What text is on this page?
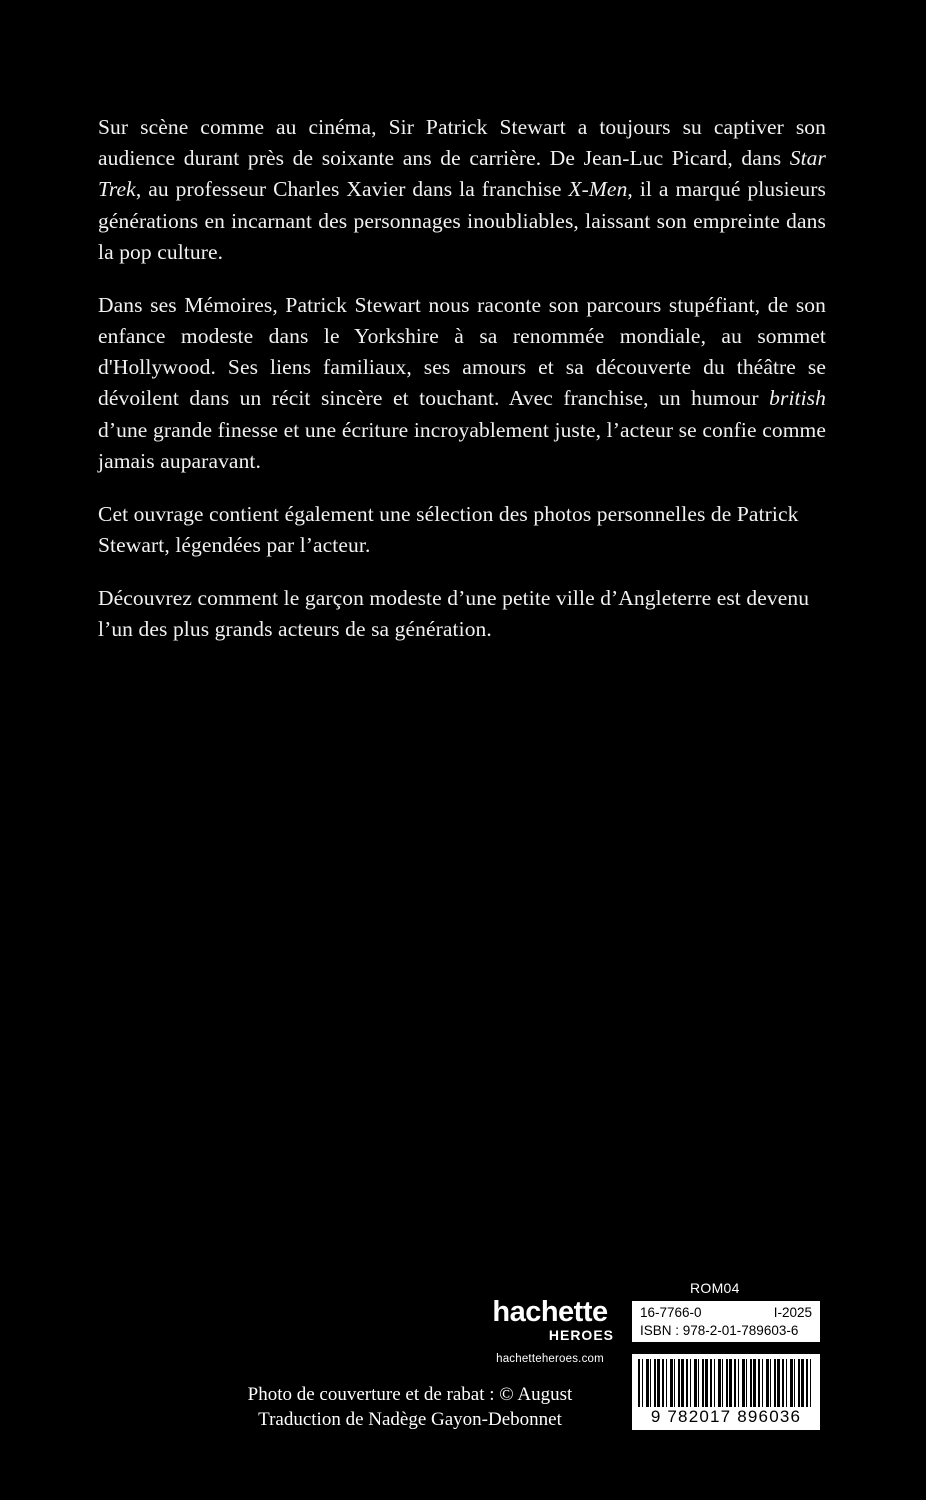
Sur scène comme au cinéma, Sir Patrick Stewart a toujours su captiver son audience durant près de soixante ans de carrière. De Jean-Luc Picard, dans Star Trek, au professeur Charles Xavier dans la franchise X-Men, il a marqué plusieurs générations en incarnant des personnages inoubliables, laissant son empreinte dans la pop culture.

Dans ses Mémoires, Patrick Stewart nous raconte son parcours stupéfiant, de son enfance modeste dans le Yorkshire à sa renommée mondiale, au sommet d'Hollywood. Ses liens familiaux, ses amours et sa découverte du théâtre se dévoilent dans un récit sincère et touchant. Avec franchise, un humour british d’une grande finesse et une écriture incroyablement juste, l’acteur se confie comme jamais auparavant.

Cet ouvrage contient également une sélection des photos personnelles de Patrick Stewart, légendées par l’acteur.

Découvrez comment le garçon modeste d’une petite ville d’Angleterre est devenu l’un des plus grands acteurs de sa génération.

hachette
HEROES
hachetteheroes.com
Photo de couverture et de rabat : © August
Traduction de Nadège Gayon-Debonnet
ROM04
16-7766-0	I-2025
ISBN : 978-2-01-789603-6
9 782017 896036
